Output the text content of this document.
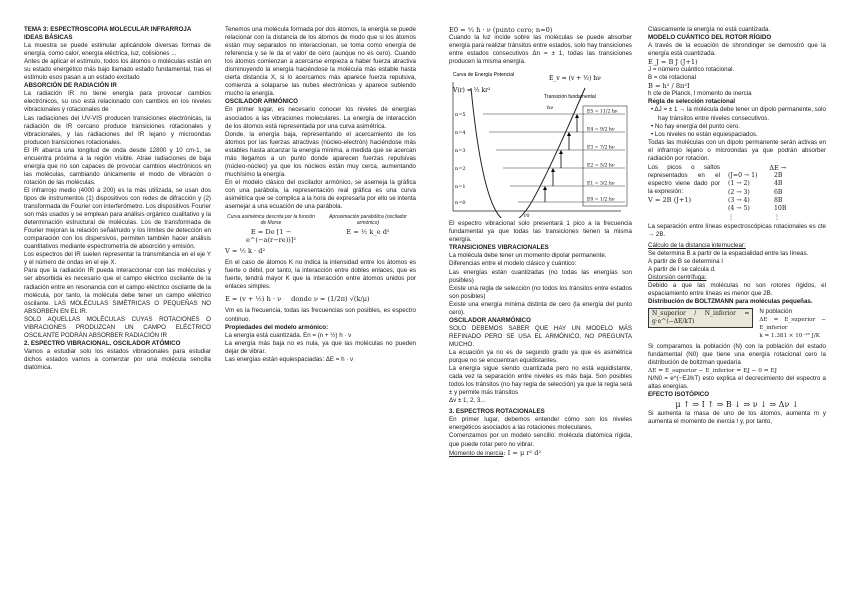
TEMA 3: ESPECTROSCOPIA MOLECULAR INFRARROJA

IDEAS BÁSICAS

La muestra se puede estimular aplicándole diversas formas de energía, como calor, energía eléctrica, luz, colisiones ...

Antes de aplicar el estímulo, todos los átomos o moléculas están en su estado energético más bajo llamado estado fundamental, tras el estímulo esos pasan a un estado excitado

ABSORCIÓN DE RADIACIÓN IR

La radiación IR no tiene energía para provocar cambios electrónicos, su uso está relacionado con cambios en los niveles vibracionales y rotacionales de

Las radiaciones del UV-VIS producen transiciones electrónicas, la radiación de IR cercano produce transiciones rotacionales y vibracionales, y las radiaciones del IR lejano y microondas producen transiciones rotacionales.

El IR abarca una longitud de onda desde 12800 y 10 cm-1, se encuentra próxima a la región visible. Atrae radiaciones de baja energía que no son capaces de provocar cambios electrónicos en las moléculas, cambiando únicamente el modo de vibración o rotación de las moléculas.

El infrarrojo medio (4000 a 200) es la más utilizada, se usan dos tipos de instrumentos (1) dispositivos con redes de difracción y (2) transformada de Fourier con interferómetro. Los dispositivos Fourier son más usados y se emplean para análisis orgánico cualitativo y la determinación estructural de moléculas. Los de transformada de Fourier mejoran la relación señal/ruido y los límites de detección en comparación con los dispersivos, permiten también hacer análisis cuantitativos mediante espectrometría de absorción y emisión.

Los espectros del IR suelen representar la transmitancia en el eje Y y el número de ondas en el eje X.

Para que la radiación IR pueda interaccionar con las moléculas y ser absorbida es necesario que el campo eléctrico oscilante de la radiación entre en resonancia con el campo eléctrico oscilante de la molécula, por tanto, la molécula debe tener un campo eléctrico oscilante. LAS MOLÉCULAS SIMÉTRICAS O PEQUEÑAS NO ABSORBEN EN EL IR.

SOLO AQUELLAS MOLÉCULAS CUYAS ROTACIONES O VIBRACIONES PRODUZCAN UN CAMPO ELÉCTRICO OSCILANTE PODRÁN ABSORBER RADIACIÓN IR

2. ESPECTRO VIBRACIONAL. OSCILADOR ATÓMICO

Vamos a estudiar solo los estados vibracionales para estudiar dichos estados vamos a comenzar por una molécula sencilla diatómica.

Tenemos una molécula formada por dos átomos, la energía se puede relacionar con la distancia de los átomos de modo que si los átomos están muy separados no interaccionan, se toma como energía de referencia y se le da el valor de cero (aunque no es cero). Cuando los átomos comienzan a acercarse empieza a haber fuerza atractiva disminuyendo la energía haciéndose la molécula más estable hasta cierta distancia X, si lo acercamos más aparece fuerza repulsiva, comienza a solaparse las nubes electrónicas y aparece subiendo mucho la energía.

OSCILADOR ARMÓNICO

En primer lugar, es necesario conocer los niveles de energías asociados a las vibraciones moleculares. La energía de interacción de los átomos está representada por una curva asimétrica.

Donde, la energía baja, representando el acercamiento de los átomos por las fuerzas atractivas (núcleo-electrón) haciéndose más estables hasta alcanzar la energía mínima, a medida que se acercan más llegamos a un punto donde aparecen fuerzas repulsivas (núcleo-núcleo) ya que los núcleos están muy cerca, aumentando muchísimo la energía.

En el modelo clásico del oscilador armónico, se asemeja la gráfica con una parábola, la representación real gráfica es una curva asimétrica que se complica a la hora de expresarla por ello se intenta asemejar a una ecuación de una parábola.

Curva asimétrica descrita por la función de Morse

E = De [1 − e^(−a(r−re))]²

Aproximación parabólica (oscilador armónico)

E = ½ k_e d²

V = ½ k · d²

En el caso de átomos K no indica la intensidad entre los átomos es fuerte o débil, por tanto, la interacción entre dobles enlaces, que es fuerte, tendrá mayor K que la interacción entre átomos unidos por enlaces simples.

E = (v + ½) h · ν donde ν = (1/2π) √(k/μ)

Vm es la frecuencia, todas las frecuencias son posibles, es espectro continuo.

Propiedades del modelo armónico:

La energía está cuantizada. En = (n + ½) h · ν

La energía más baja no es nula, ya que las moléculas no pueden dejar de vibrar.

Las energías están equiespaciadas: ΔE = h · ν

E0 = ½ h · ν (punto cero; n=0)

Cuando la luz incide sobre las moléculas se puede absorber energía para realizar tránsitos entre estados, solo hay transiciones entre estados consecutivos Δn = ± 1, todas las transiciones producen la misma energía.

Curva de Energía Potencial
V(r) = ½ kr²
E_v = (v + ½) hν
Transición fundamental
n=5	E5 = 11/2 hν
n=4	E4 = 9/2 hν
n=3	E3 = 7/2 hν
n=2	E2 = 5/2 hν
n=1	E1 = 3/2 hν
n=0	E0 = 1/2 hν
hν
r0

El espectro vibracional solo presentará 1 pico a la frecuencia fundamental ya que todas las transiciones tienen la misma energía.

TRANSICIONES VIBRACIONALES

La molécula debe tener un momento dipolar permanente.

Diferencias entre el modelo clásico y cuántico:

Las energías están cuantizadas (no todas las energías son posibles)

Existe una regla de selección (no todos los tránsitos entre estados son posibles)

Existe una energía mínima distinta de cero (la energía del punto cero).

OSCILADOR ANARMÓNICO

SOLO DEBEMOS SABER QUE HAY UN MODELO MÁS REFINADO PERO SE USA EL ARMÓNICO, NO PREGUNTA MUCHO.

La ecuación ya no es de segundo grado ya que es asimétrica porque no se encuentran equidistantes.

La energía sigue siendo cuantizada pero no está equidistante, cada vez la separación entre niveles es más baja. Son posibles todos los tránsitos (no hay regla de selección) ya que la regla será ± y permite más tránsitos

Δv ± 1, 2, 3...

3. ESPECTROS ROTACIONALES

En primer lugar, debemos entender cómo son los niveles energéticos asociados a las rotaciones moleculares.

Comenzamos por un modelo sencillo: molécula diatómica rígida, que puede rotar pero no vibrar.

Momento de inercia: I = μ r² d²

Clásicamente la energía no está cuantizada.

MODELO CUÁNTICO DEL ROTOR RÍGIDO

A través de la ecuación de shrondinger se demostró que la energía está cuantizada.

E_J = B J (J+1)

J = número cuántico rotacional.

B = cte rotacional

B = h² / 8π²I

h cte de Planck, I momento de inercia

Regla de selección rotacional

• ΔJ = ± 1 → la molécula debe tener un dipolo permanente, solo hay tránsitos entre niveles consecutivos.

• No hay energía del punto cero.

• Los niveles no están equiespaciados.

Todas las moléculas con un dipolo permanente serán activas en el infrarrojo lejano o microondas ya que podrán absorber radiación por rotación.

Los picos o saltos representados en el espectro viene dado por la expresión:

V = 2B (J+1)

ΔE →

(J=0 → 1)	2B

(1 → 2)	4B

(2 → 3)	6B

(3 → 4)	8B

(4 → 5)	10B

⋮	⋮

La separación entre líneas espectroscópicas rotacionales es cte → 2B.

Cálculo de la distancia internuclear:

Se determina B a partir de la espacialidad entre las líneas.

A partir de B se determina I

A partir de I se calcula d.

Distorsión centrífuga:

Debido a que las moléculas no son rotores rígidos, el espaciamiento entre líneas es menor que 2B.

Distribución de BOLTZMANN para moléculas pequeñas.

N_superior / N_inferior = g·e^(−ΔE/kT)

N población

ΔE = E_superior − E_inferior

k = 1.381 × 10⁻²³ J/K

Si comparamos la población (N) con la población del estado fundamental (N0) que tiene una energía rotacional cero la distribución de boltzman quedaría

ΔE = E_superior − E_inferior = EJ − 0 = EJ

N/N0 = e^(−EJ/kT) esto explica el decrecimiento del espectro a altas energías.

EFECTO ISOTÓPICO

μ ↑ ⇒ I ↑ ⇒ B ↓ ⇒ ν ↓ ⇒ Δν ↓

Si aumenta la masa de uno de los átomos, aumenta m y aumenta el momento de inercia I y, por tanto,
